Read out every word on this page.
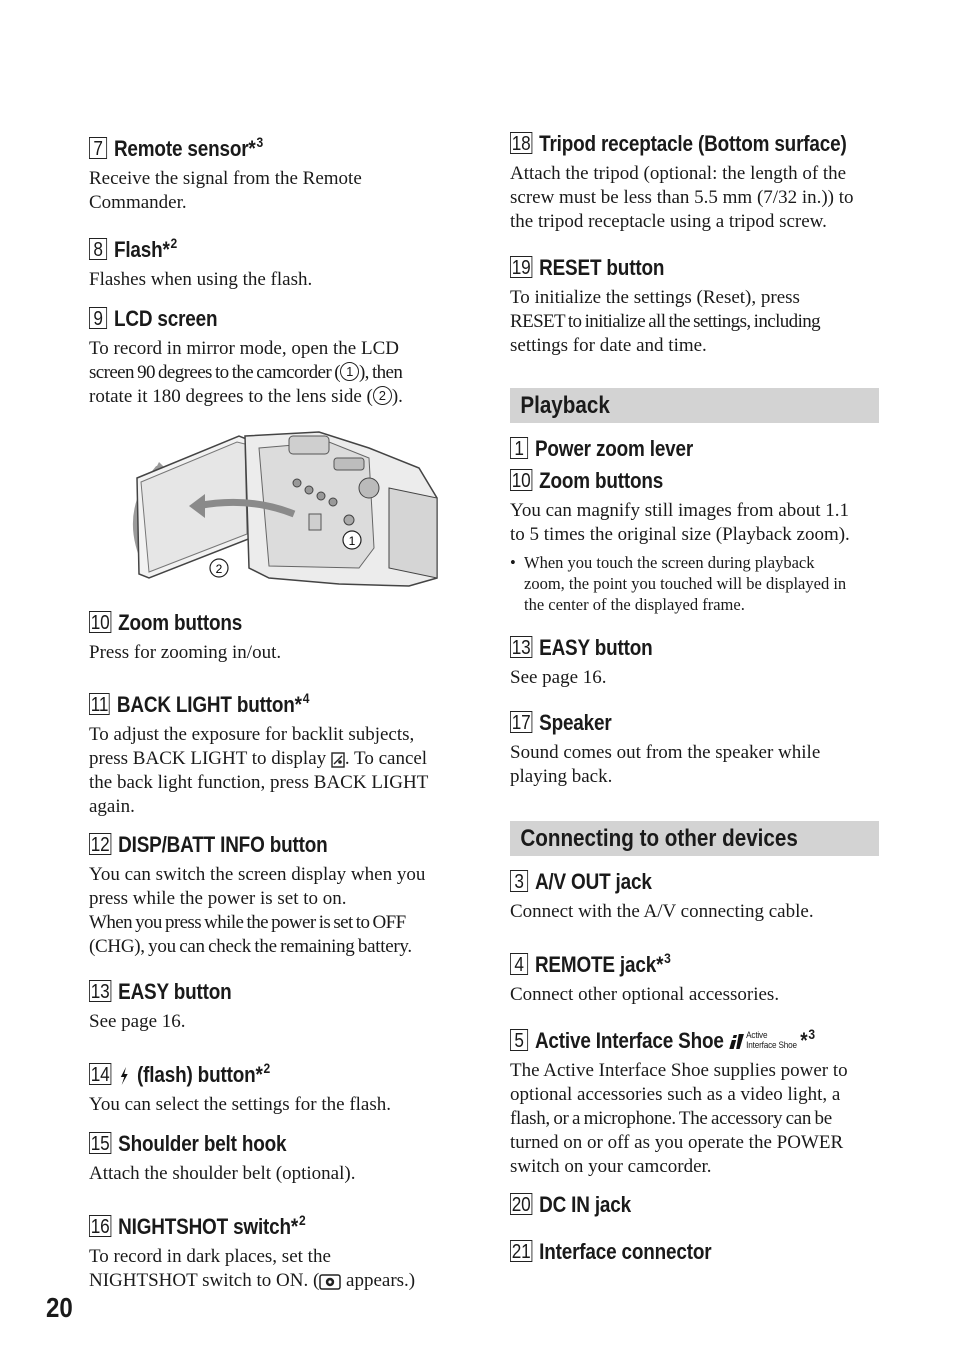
7 Remote sensor*$^3$

Receive the signal from the Remote

Commander.

8 Flash*$^2$

Flashes when using the flash.

9 LCD screen

To record in mirror mode, open the LCD

screen 90 degrees to the camcorder ( 1 ), then

rotate it 180 degrees to the lens side ( 2 ).

1
2
10 Zoom buttons

Press for zooming in/out.

11 BACK LIGHT button*$^4$

To adjust the exposure for backlit subjects,

press BACK LIGHT to display . To cancel

the back light function, press BACK LIGHT

again.

12 DISP/BATT INFO button

You can switch the screen display when you

press while the power is set to on.

When you press while the power is set to OFF

(CHG), you can check the remaining battery.

13 EASY button

See page 16.

14 (flash) button*$^2$

You can select the settings for the flash.

15 Shoulder belt hook

Attach the shoulder belt (optional).

16 NIGHTSHOT switch*$^2$

To record in dark places, set the

NIGHTSHOT switch to ON. ( appears.)

18 Tripod receptacle (Bottom surface)

Attach the tripod (optional: the length of the

screw must be less than 5.5 mm (7/32 in.)) to

the tripod receptacle using a tripod screw.

19 RESET button

To initialize the settings (Reset), press

RESET to initialize all the settings, including

settings for date and time.

Playback
1 Power zoom lever
10 Zoom buttons

You can magnify still images from about 1.1

to 5 times the original size (Playback zoom).

• When you touch the screen during playback
zoom, the point you touched will be displayed in
the center of the displayed frame.
13 EASY button

See page 16.

17 Speaker

Sound comes out from the speaker while

playing back.

Connecting to other devices
3 A/V OUT jack

Connect with the A/V connecting cable.

4 REMOTE jack*$^3$

Connect other optional accessories.

5 Active Interface Shoe Active
Interface Shoe *$^3$

The Active Interface Shoe supplies power to

optional accessories such as a video light, a

flash, or a microphone. The accessory can be

turned on or off as you operate the POWER

switch on your camcorder.

20 DC IN jack
21 Interface connector
20
